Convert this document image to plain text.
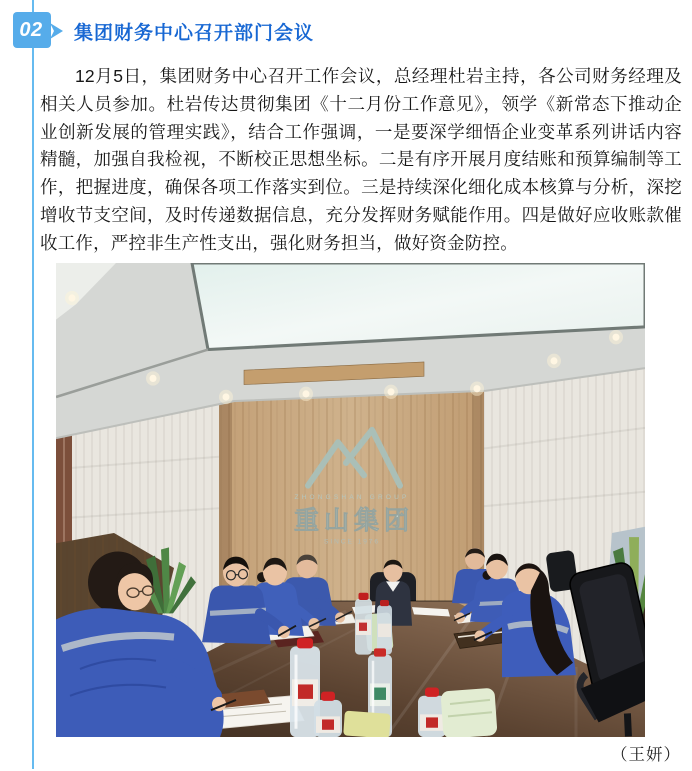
02 集团财务中心召开部门会议
12月5日，集团财务中心召开工作会议，总经理杜岩主持，各公司财务经理及相关人员参加。杜岩传达贯彻集团《十二月份工作意见》，领学《新常态下推动企业创新发展的管理实践》，结合工作强调，一是要深学细悟企业变革系列讲话内容精髓，加强自我检视，不断校正思想坐标。二是有序开展月度结账和预算编制等工作，把握进度，确保各项工作落实到位。三是持续深化细化成本核算与分析，深挖增收节支空间，及时传递数据信息，充分发挥财务赋能作用。四是做好应收账款催收工作，严控非生产性支出，强化财务担当，做好资金防控。
ZHONGSHAN GROUP
重山集团
SINCE 1976
（王妍）
